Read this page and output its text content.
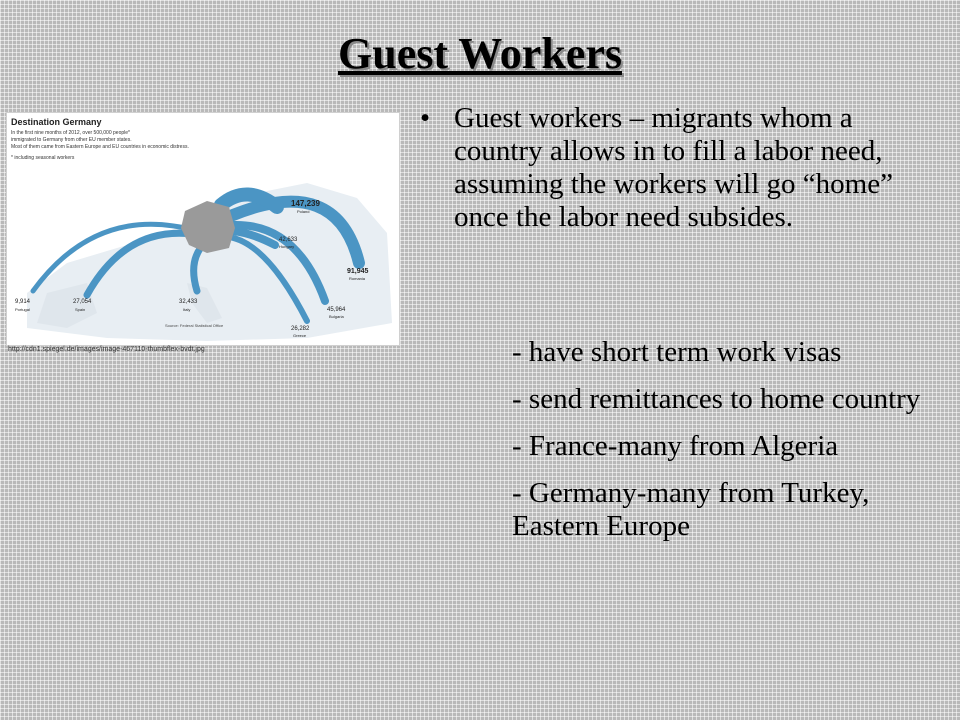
Guest Workers
Destination Germany
In the first nine months of 2012, over 500,000 people*
immigrated to Germany from other EU member states.
Most of them came from Eastern Europe and EU countries in economic distress.
* including seasonal workers
9,914
Portugal
27,054
Spain
32,433
Italy
26,282
Greece
42,633
Hungary
45,964
Bulgaria
91,945
Romania
147,239
Poland
Source: Federal Statistical Office
http://cdn1.spiegel.de/images/image-467110-thumbflex-bvdt.jpg
• Guest workers – migrants whom a country allows in to fill a labor need, assuming the workers will go “home” once the labor need subsides.
- have short term work visas
- send remittances to home country
- France-many from Algeria
- Germany-many from Turkey, Eastern Europe
